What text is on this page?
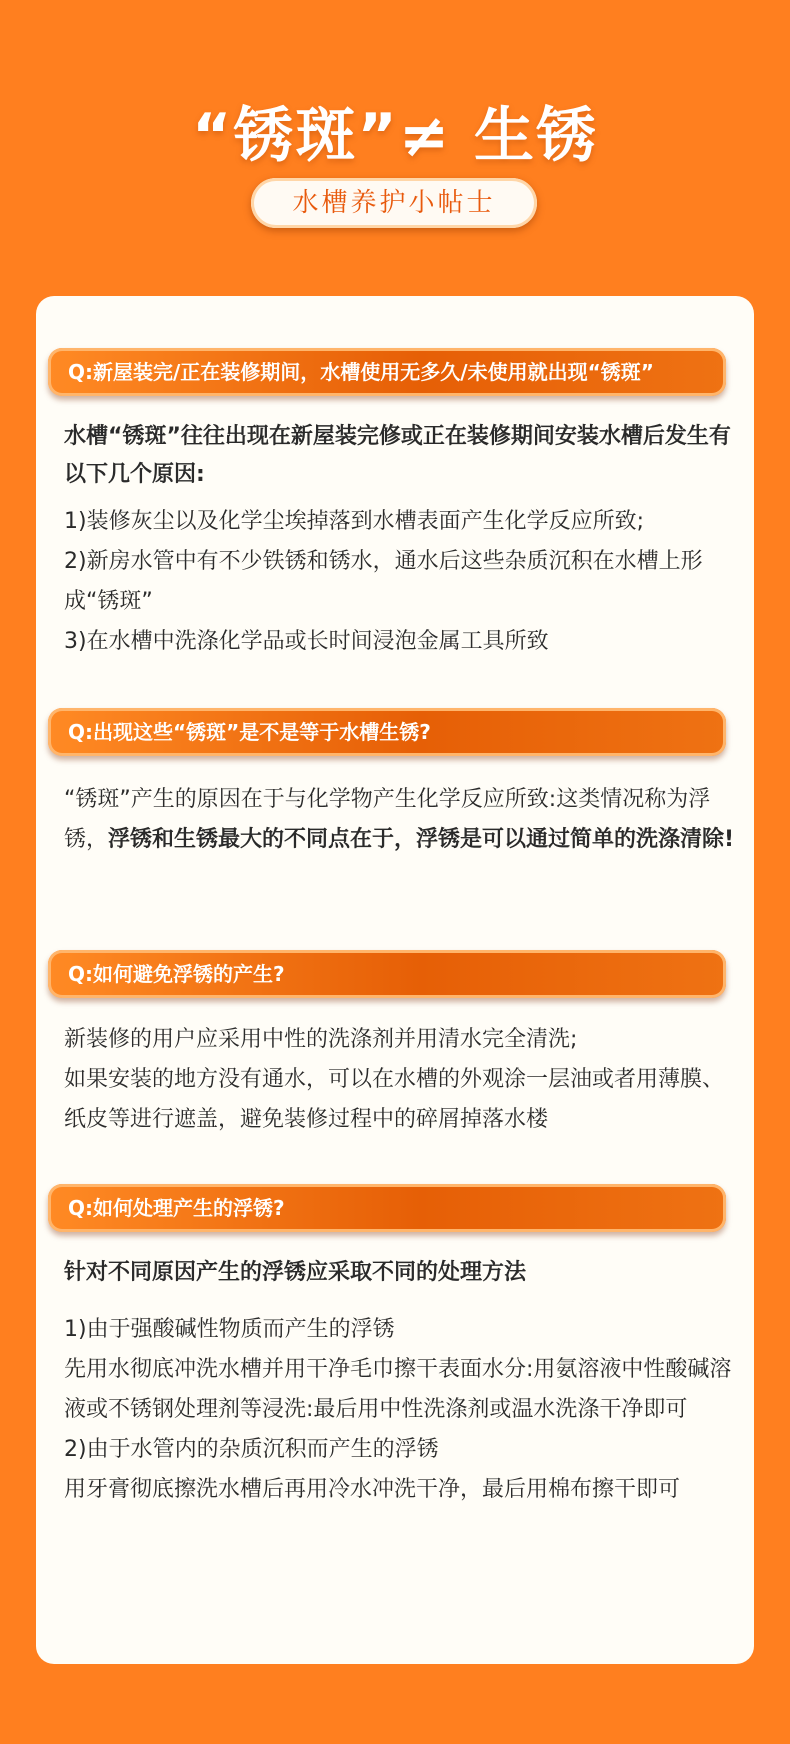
“锈斑”≠ 生锈
水槽养护小帖士
Q:新屋装完/正在装修期间，水槽使用无多久/未使用就出现“锈斑”
水槽“锈斑”往往出现在新屋装完修或正在装修期间安装水槽后发生有以下几个原因:

1)装修灰尘以及化学尘埃掉落到水槽表面产生化学反应所致;

2)新房水管中有不少铁锈和锈水，通水后这些杂质沉积在水槽上形成“锈斑”

3)在水槽中洗涤化学品或长时间浸泡金属工具所致

Q:出现这些“锈斑”是不是等于水槽生锈?
“锈斑”产生的原因在于与化学物产生化学反应所致:这类情况称为浮锈，浮锈和生锈最大的不同点在于，浮锈是可以通过简单的洗涤清除!
Q:如何避免浮锈的产生?

新装修的用户应采用中性的洗涤剂并用清水完全清洗;

如果安装的地方没有通水，可以在水槽的外观涂一层油或者用薄膜、纸皮等进行遮盖，避免装修过程中的碎屑掉落水楼

Q:如何处理产生的浮锈?
针对不同原因产生的浮锈应采取不同的处理方法

1)由于强酸碱性物质而产生的浮锈

先用水彻底冲洗水槽并用干净毛巾擦干表面水分:用氨溶液中性酸碱溶液或不锈钢处理剂等浸洗:最后用中性洗涤剂或温水洗涤干净即可

2)由于水管内的杂质沉积而产生的浮锈

用牙膏彻底擦洗水槽后再用冷水冲洗干净，最后用棉布擦干即可
